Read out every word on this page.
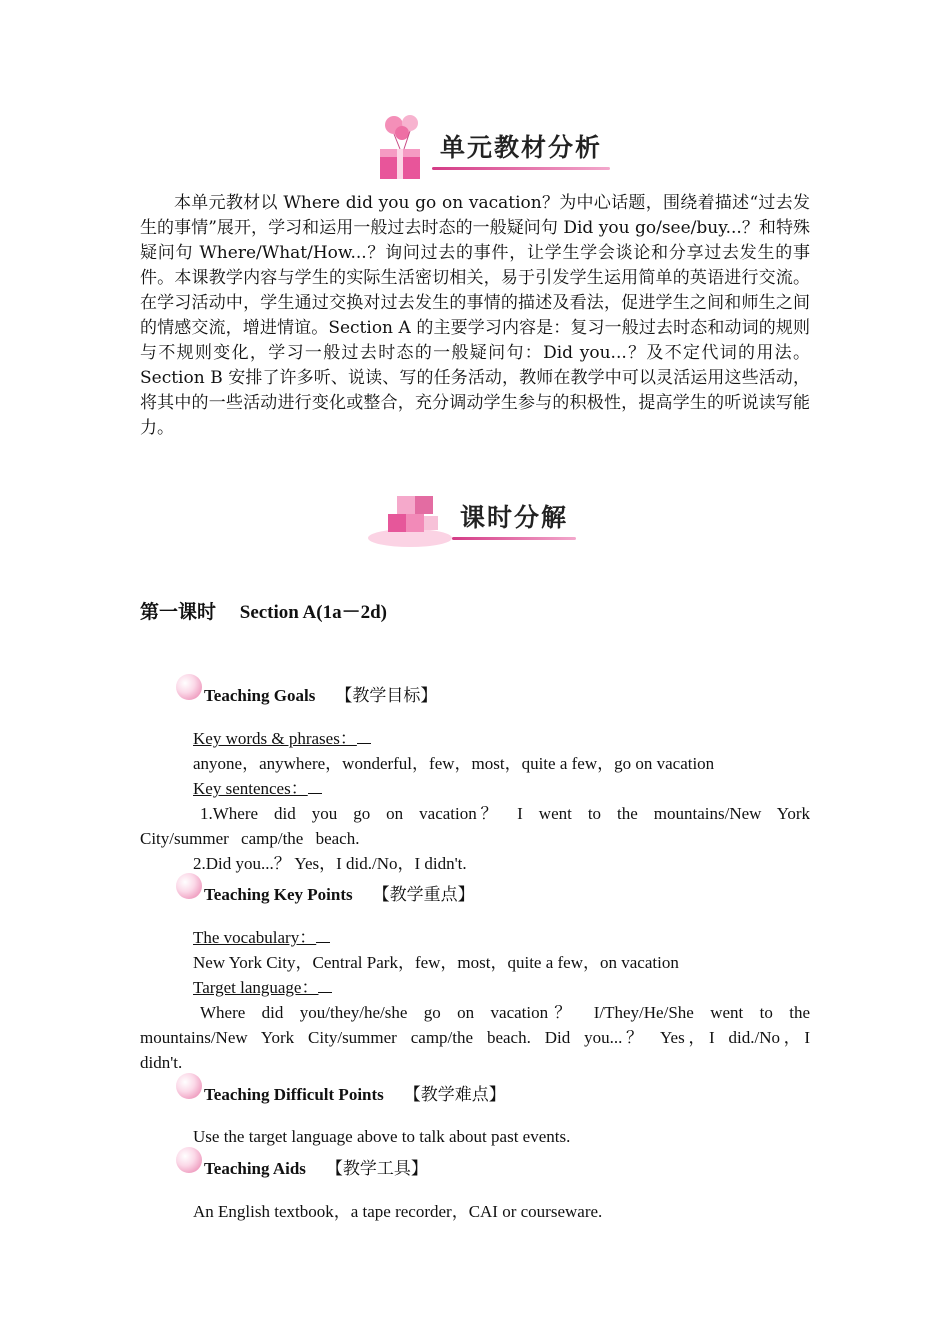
单元教材分析

本单元教材以 Where did you go on vacation？为中心话题，围绕着描述“过去发生的事情”展开，学习和运用一般过去时态的一般疑问句 Did you go/see/buy...？和特殊疑问句 Where/What/How...？询问过去的事件，让学生学会谈论和分享过去发生的事件。本课教学内容与学生的实际生活密切相关，易于引发学生运用简单的英语进行交流。在学习活动中，学生通过交换对过去发生的事情的描述及看法，促进学生之间和师生之间的情感交流，增进情谊。Section A 的主要学习内容是：复习一般过去时态和动词的规则与不规则变化，学习一般过去时态的一般疑问句：Did you...？及不定代词的用法。Section B 安排了许多听、说读、写的任务活动，教师在教学中可以灵活运用这些活动，将其中的一些活动进行变化或整合，充分调动学生参与的积极性，提高学生的听说读写能力。

课时分解
第一课时　 Section A(1a－2d)
Teaching Goals 【教学目标】
Key words & phrases：
anyone，anywhere，wonderful，few，most，quite a few，go on vacation
Key sentences：
1.Where did you go on vacation？ I went to the mountains/New York City/summer camp/the beach.
2.Did you...？ Yes，I did./No，I didn't.
Teaching Key Points 【教学重点】
The vocabulary：
New York City，Central Park，few，most，quite a few，on vacation
Target language：
Where did you/they/he/she go on vacation？ I/They/He/She went to the mountains/New York City/summer camp/the beach. Did you...？ Yes，I did./No，I didn't.
Teaching Difficult Points 【教学难点】
Use the target language above to talk about past events.
Teaching Aids 【教学工具】
An English textbook，a tape recorder，CAI or courseware.
